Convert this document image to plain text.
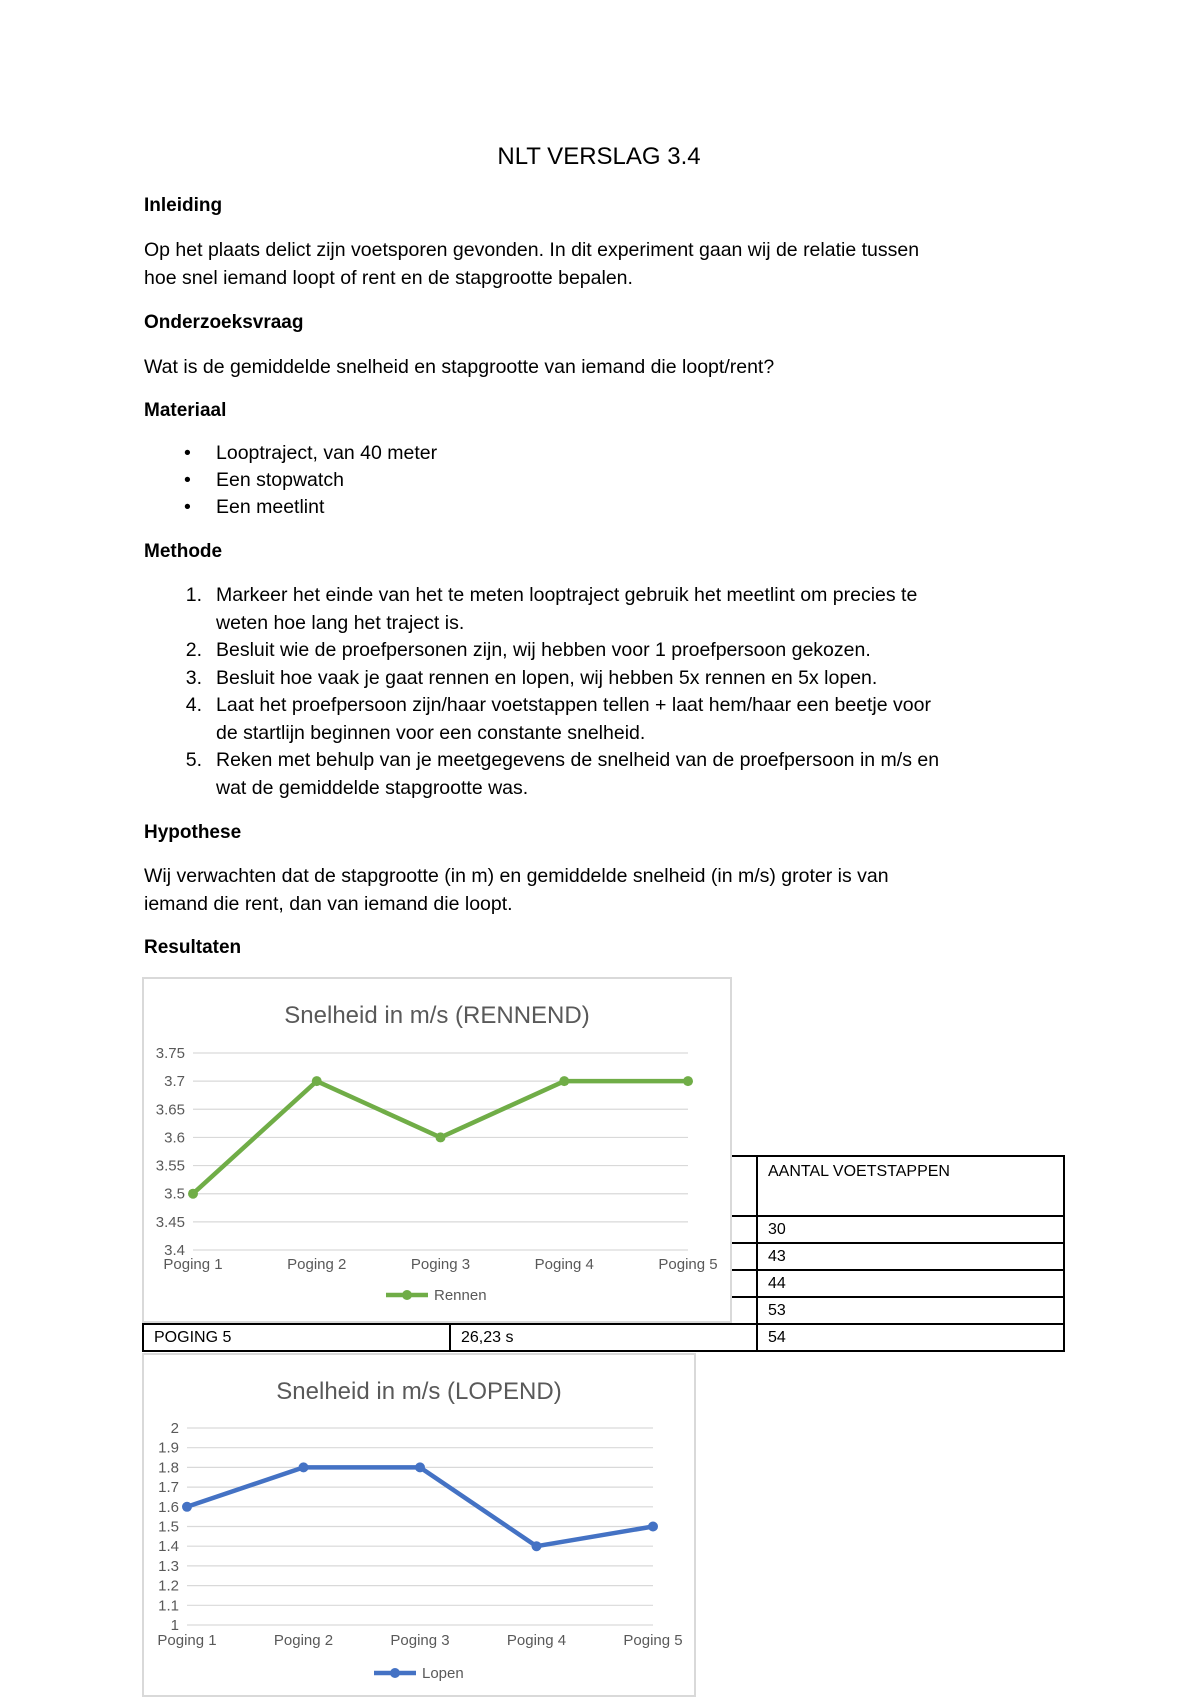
NLT VERSLAG 3.4
Inleiding
Op het plaats delict zijn voetsporen gevonden. In dit experiment gaan wij de relatie tussen
hoe snel iemand loopt of rent en de stapgrootte bepalen.
Onderzoeksvraag
Wat is de gemiddelde snelheid en stapgrootte van iemand die loopt/rent?
Materiaal
• Looptraject, van 40 meter
• Een stopwatch
• Een meetlint
Methode
1. Markeer het einde van het te meten looptraject gebruik het meetlint om precies te
weten hoe lang het traject is.
2. Besluit wie de proefpersonen zijn, wij hebben voor 1 proefpersoon gekozen.
3. Besluit hoe vaak je gaat rennen en lopen, wij hebben 5x rennen en 5x lopen.
4. Laat het proefpersoon zijn/haar voetstappen tellen + laat hem/haar een beetje voor
de startlijn beginnen voor een constante snelheid.
5. Reken met behulp van je meetgegevens de snelheid van de proefpersoon in m/s en
wat de gemiddelde stapgrootte was.
Hypothese
Wij verwachten dat de stapgrootte (in m) en gemiddelde snelheid (in m/s) groter is van
iemand die rent, dan van iemand die loopt.
Resultaten
		AANTAL VOETSTAPPEN
		30
		43
		44
		53
POGING 5	26,23 s	54
Snelheid in m/s (RENNEND)
3.4
3.45
3.5
3.55
3.6
3.65
3.7
3.75
Poging 1	Poging 2	Poging 3	Poging 4	Poging 5
Rennen
Snelheid in m/s (LOPEND)
1
1.1
1.2
1.3
1.4
1.5
1.6
1.7
1.8
1.9
2
Poging 1	Poging 2	Poging 3	Poging 4	Poging 5
Lopen
